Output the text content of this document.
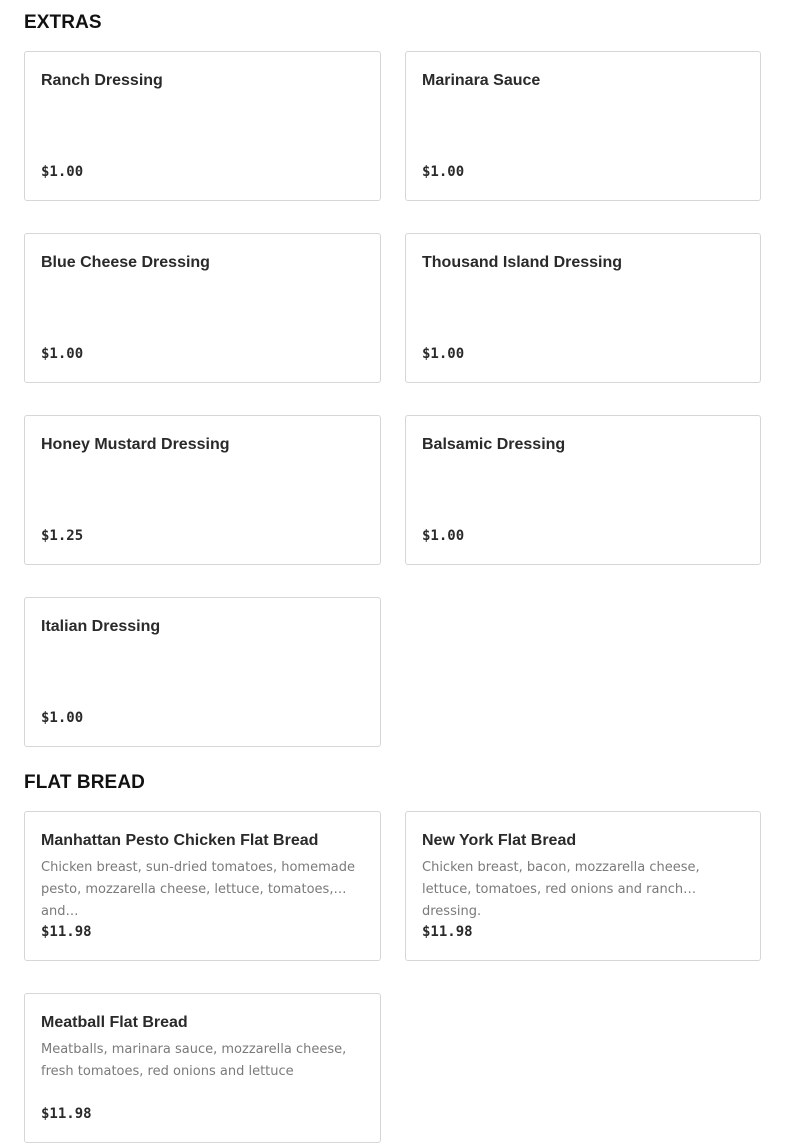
EXTRAS
Ranch Dressing
$1.00
Marinara Sauce
$1.00
Blue Cheese Dressing
$1.00
Thousand Island Dressing
$1.00
Honey Mustard Dressing
$1.25
Balsamic Dressing
$1.00
Italian Dressing
$1.00
FLAT BREAD
Manhattan Pesto Chicken Flat Bread
Chicken breast, sun-dried tomatoes, homemade pesto, mozzarella cheese, lettuce, tomatoes, and…
$11.98
New York Flat Bread
Chicken breast, bacon, mozzarella cheese, lettuce, tomatoes, red onions and ranch dressing.
$11.98
Meatball Flat Bread
Meatballs, marinara sauce, mozzarella cheese, fresh tomatoes, red onions and lettuce
$11.98
